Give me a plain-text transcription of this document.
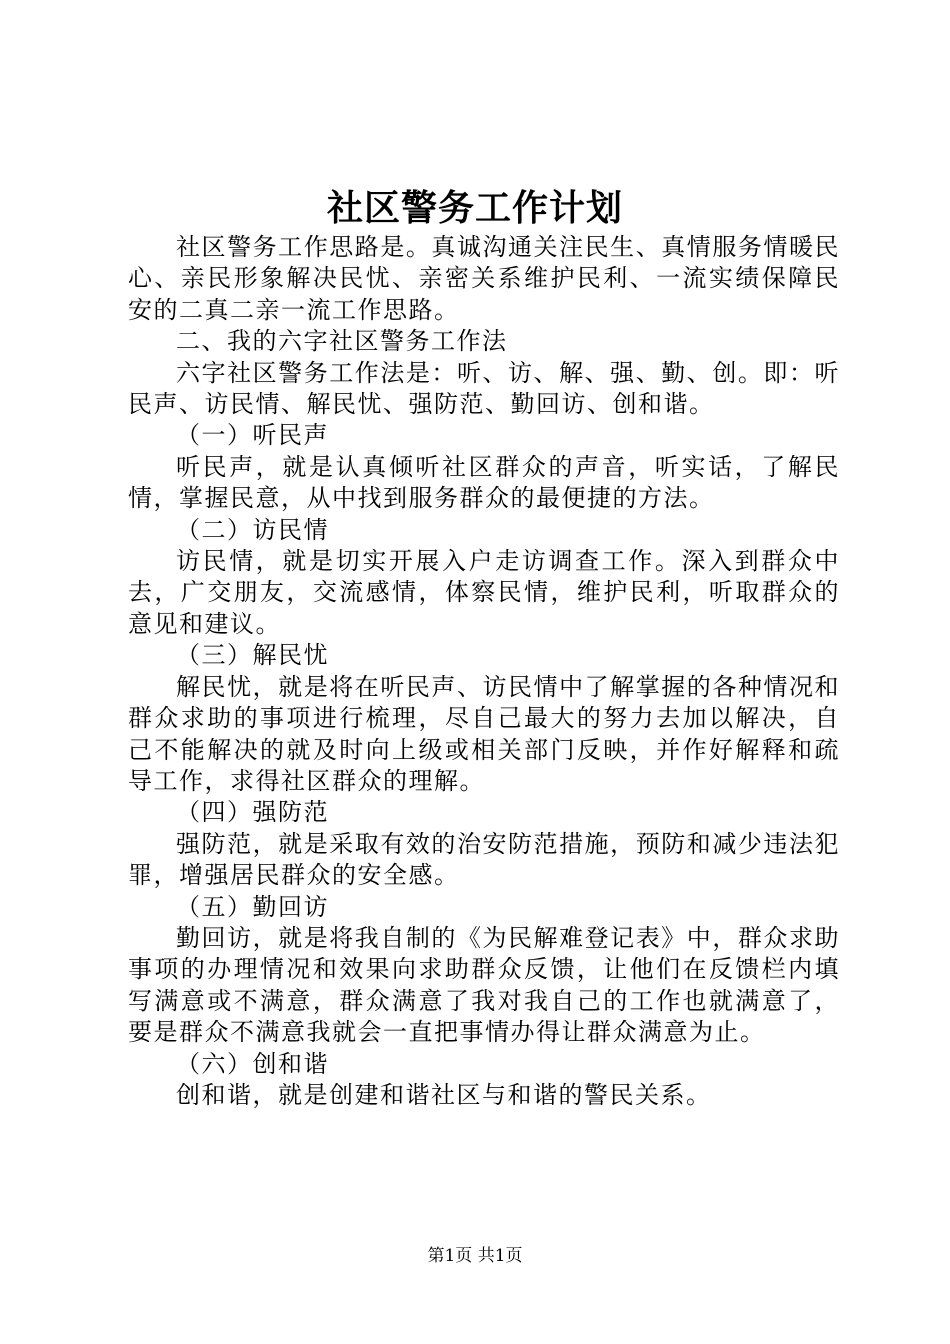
社区警务工作计划

社区警务工作思路是。真诚沟通关注民生、真情服务情暖民心、亲民形象解决民忧、亲密关系维护民利、一流实绩保障民安的二真二亲一流工作思路。

二、我的六字社区警务工作法

六字社区警务工作法是：听、访、解、强、勤、创。即：听民声、访民情、解民忧、强防范、勤回访、创和谐。

（一）听民声

听民声，就是认真倾听社区群众的声音，听实话，了解民情，掌握民意，从中找到服务群众的最便捷的方法。

（二）访民情

访民情，就是切实开展入户走访调查工作。深入到群众中去，广交朋友，交流感情，体察民情，维护民利，听取群众的意见和建议。

（三）解民忧

解民忧，就是将在听民声、访民情中了解掌握的各种情况和群众求助的事项进行梳理，尽自己最大的努力去加以解决，自己不能解决的就及时向上级或相关部门反映，并作好解释和疏导工作，求得社区群众的理解。

（四）强防范

强防范，就是采取有效的治安防范措施，预防和减少违法犯罪，增强居民群众的安全感。

（五）勤回访

勤回访，就是将我自制的《为民解难登记表》中，群众求助事项的办理情况和效果向求助群众反馈，让他们在反馈栏内填写满意或不满意，群众满意了我对我自己的工作也就满意了，要是群众不满意我就会一直把事情办得让群众满意为止。

（六）创和谐

创和谐，就是创建和谐社区与和谐的警民关系。

第1页 共1页
